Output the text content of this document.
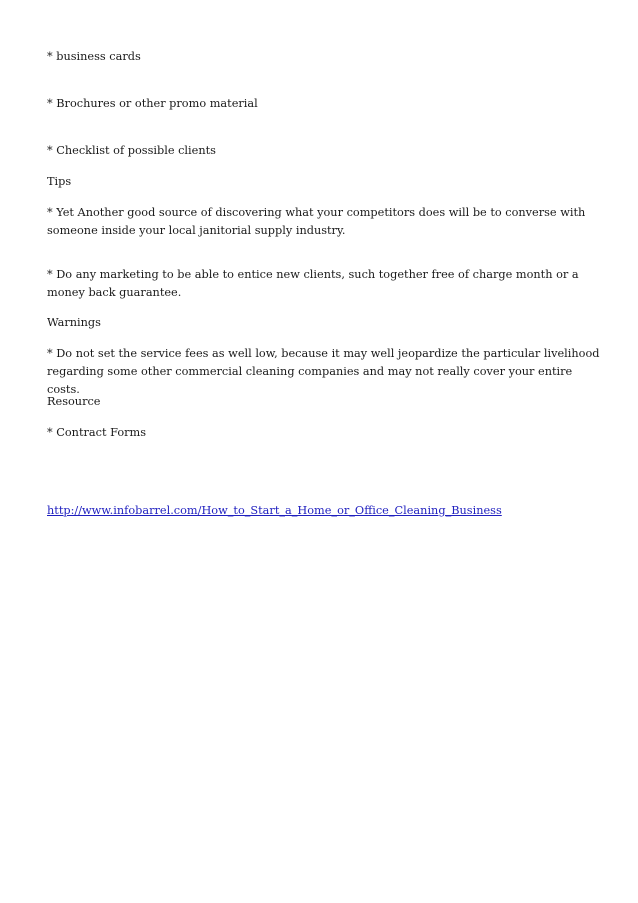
* business cards

* Brochures or other promo material

* Checklist of possible clients

Tips

* Yet Another good source of discovering what your competitors does will be to converse with someone inside your local janitorial supply industry.

* Do any marketing to be able to entice new clients, such together free of charge month or a money back guarantee.

Warnings

* Do not set the service fees as well low, because it may well jeopardize the particular livelihood regarding some other commercial cleaning companies and may not really cover your entire costs.

Resource

* Contract Forms

http://www.infobarrel.com/How_to_Start_a_Home_or_Office_Cleaning_Business
